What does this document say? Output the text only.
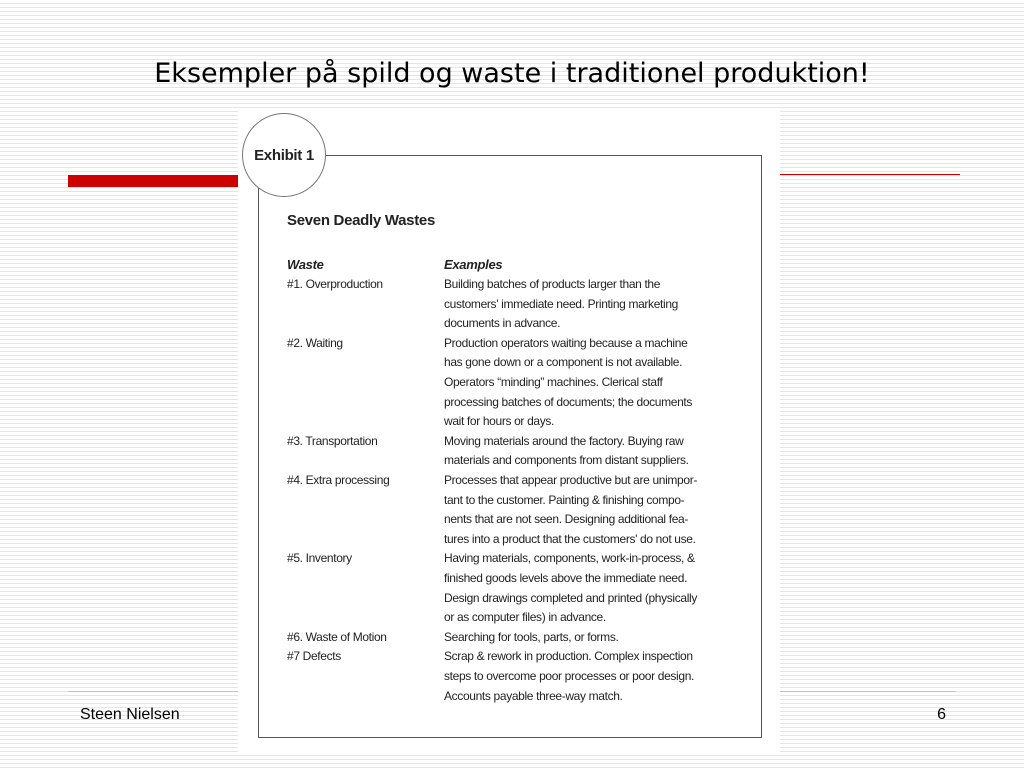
Eksempler på spild og waste i traditionel produktion!
Exhibit 1
Seven Deadly Wastes
Waste	Examples
#1. Overproduction	Building batches of products larger than the
customers' immediate need. Printing marketing
documents in advance.
#2. Waiting	Production operators waiting because a machine
has gone down or a component is not available.
Operators “minding” machines. Clerical staff
processing batches of documents; the documents
wait for hours or days.
#3. Transportation	Moving materials around the factory. Buying raw
materials and components from distant suppliers.
#4. Extra processing	Processes that appear productive but are unimpor-
tant to the customer. Painting & finishing compo-
nents that are not seen. Designing additional fea-
tures into a product that the customers' do not use.
#5. Inventory	Having materials, components, work-in-process, &
finished goods levels above the immediate need.
Design drawings completed and printed (physically
or as computer files) in advance.
#6. Waste of Motion	Searching for tools, parts, or forms.
#7 Defects	Scrap & rework in production. Complex inspection
steps to overcome poor processes or poor design.
Accounts payable three-way match.
Steen Nielsen	6
